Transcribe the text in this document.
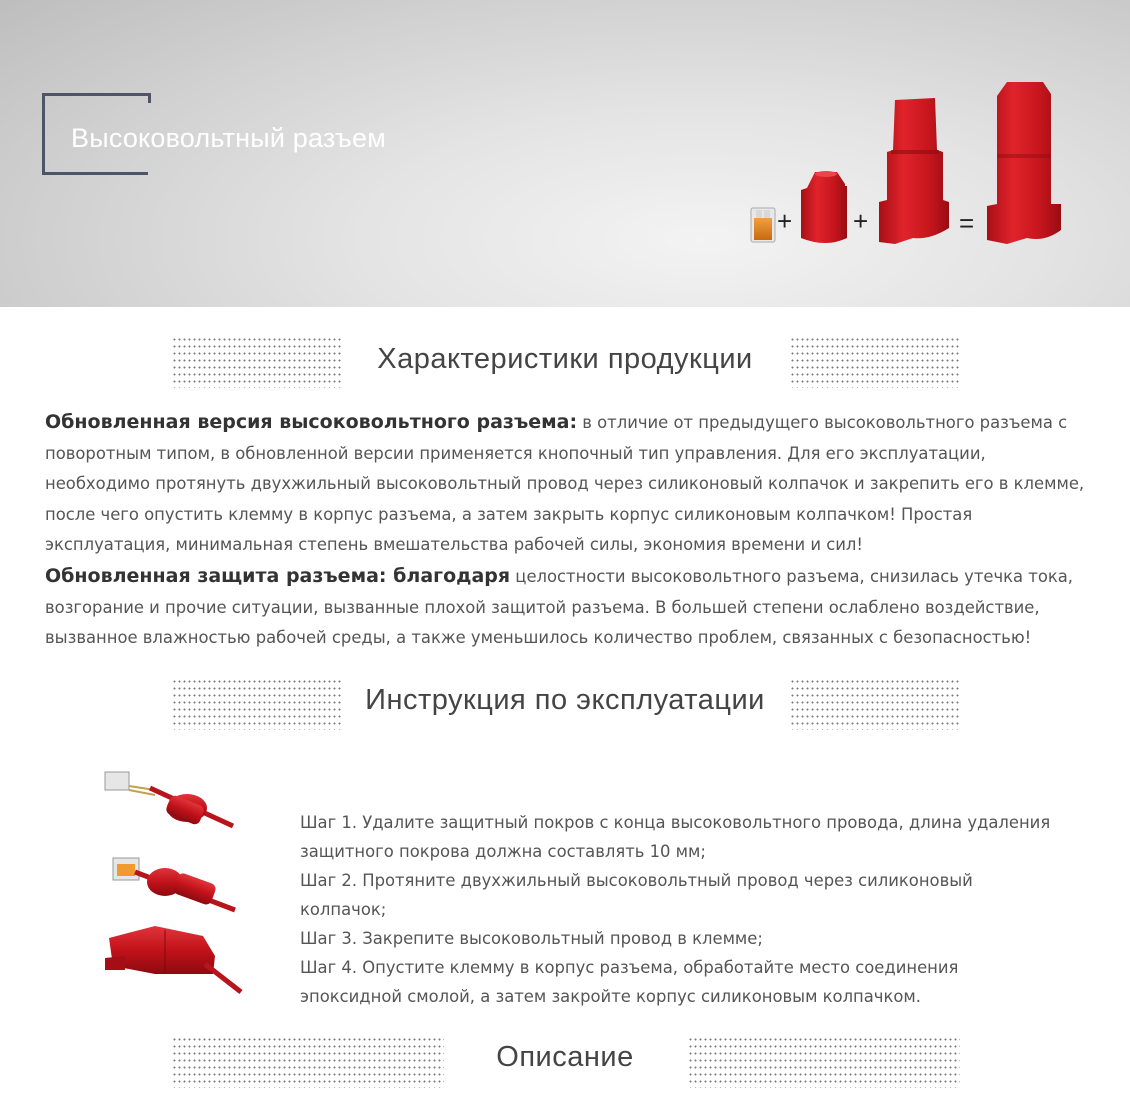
Высоковольтный разъем
+ +	=
Характеристики продукции
Обновленная версия высоковольтного разъема: в отличие от предыдущего высоковольтного разъема с поворотным типом, в обновленной версии применяется кнопочный тип управления. Для его эксплуатации, необходимо протянуть двухжильный высоковольтный провод через силиконовый колпачок и закрепить его в клемме, после чего опустить клемму в корпус разъема, а затем закрыть корпус силиконовым колпачком! Простая эксплуатация, минимальная степень вмешательства рабочей силы, экономия времени и сил!
Обновленная защита разъема: благодаря целостности высоковольтного разъема, снизилась утечка тока, возгорание и прочие ситуации, вызванные плохой защитой разъема. В большей степени ослаблено воздействие, вызванное влажностью рабочей среды, а также уменьшилось количество проблем, связанных с безопасностью!
Инструкция по эксплуатации

Шаг 1. Удалите защитный покров с конца высоковольтного провода, длина удаления защитного покрова должна составлять 10 мм;

Шаг 2. Протяните двухжильный высоковольтный провод через силиконовый колпачок;

Шаг 3. Закрепите высоковольтный провод в клемме;

Шаг 4. Опустите клемму в корпус разъема, обработайте место соединения эпоксидной смолой, а затем закройте корпус силиконовым колпачком.

Описание
